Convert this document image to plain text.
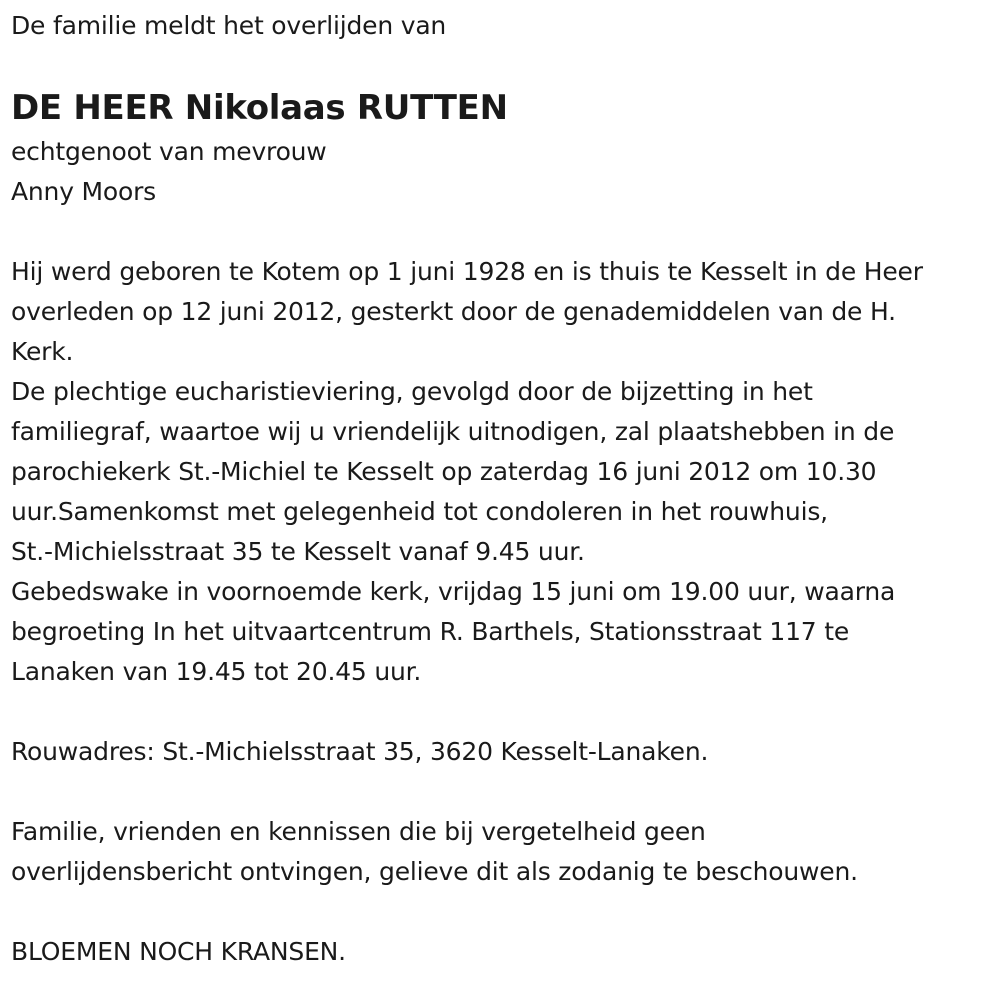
De familie meldt het overlijden van
DE HEER Nikolaas RUTTEN
echtgenoot van mevrouw
Anny Moors
Hij werd geboren te Kotem op 1 juni 1928 en is thuis te Kesselt in de Heer
overleden op 12 juni 2012, gesterkt door de genademiddelen van de H.
Kerk.
De plechtige eucharistieviering, gevolgd door de bijzetting in het
familiegraf, waartoe wij u vriendelijk uitnodigen, zal plaatshebben in de
parochiekerk St.-Michiel te Kesselt op zaterdag 16 juni 2012 om 10.30
uur.Samenkomst met gelegenheid tot condoleren in het rouwhuis,
St.-Michielsstraat 35 te Kesselt vanaf 9.45 uur.
Gebedswake in voornoemde kerk, vrijdag 15 juni om 19.00 uur, waarna
begroeting In het uitvaartcentrum R. Barthels, Stationsstraat 117 te
Lanaken van 19.45 tot 20.45 uur.
Rouwadres: St.-Michielsstraat 35, 3620 Kesselt-Lanaken.
Familie, vrienden en kennissen die bij vergetelheid geen
overlijdensbericht ontvingen, gelieve dit als zodanig te beschouwen.
BLOEMEN NOCH KRANSEN.
